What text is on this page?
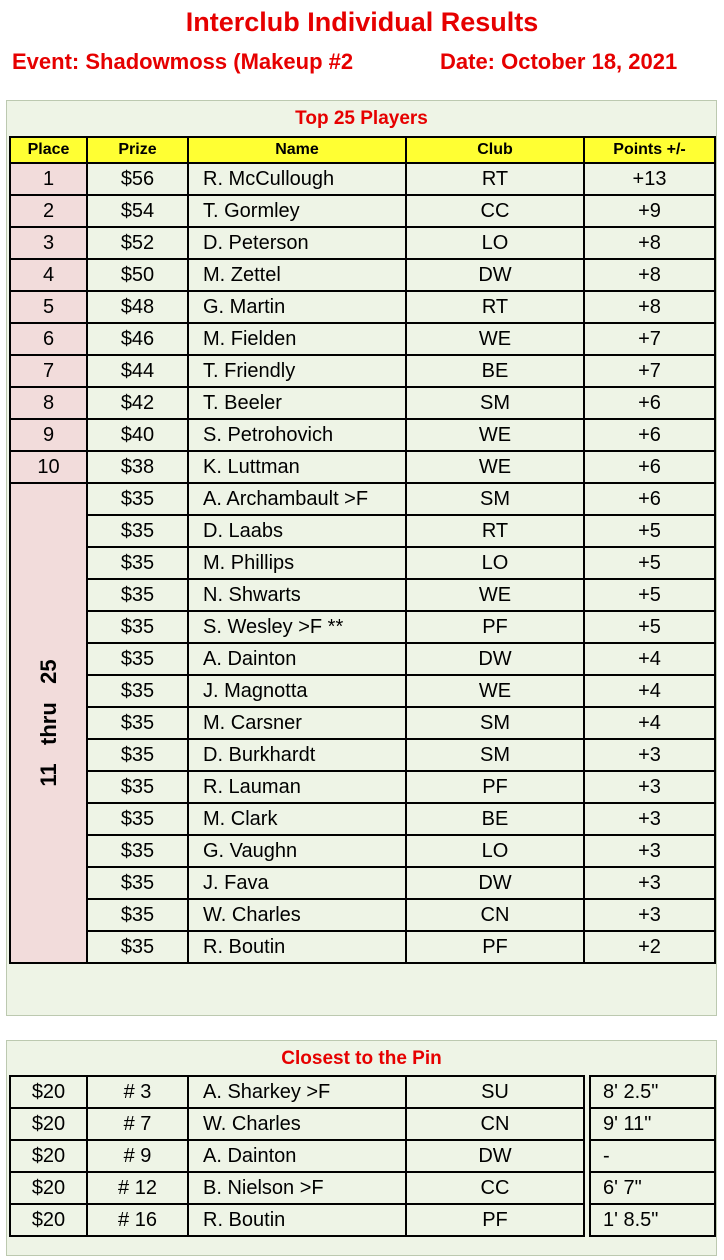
Interclub Individual Results
Event: Shadowmoss (Makeup #2	Date: October 18, 2021
Top 25 Players
Place	Prize	Name	Club	Points +/-
1	$56	R. McCullough	RT	+13
2	$54	T. Gormley	CC	+9
3	$52	D. Peterson	LO	+8
4	$50	M. Zettel	DW	+8
5	$48	G. Martin	RT	+8
6	$46	M. Fielden	WE	+7
7	$44	T. Friendly	BE	+7
8	$42	T. Beeler	SM	+6
9	$40	S. Petrohovich	WE	+6
10	$38	K. Luttman	WE	+6

11   thru   25	$35	A. Archambault >F	SM	+6
	$35	D. Laabs	RT	+5
	$35	M. Phillips	LO	+5
	$35	N. Shwarts	WE	+5
	$35	S. Wesley >F **	PF	+5
	$35	A. Dainton	DW	+4
	$35	J. Magnotta	WE	+4
	$35	M. Carsner	SM	+4
	$35	D. Burkhardt	SM	+3
	$35	R. Lauman	PF	+3
	$35	M. Clark	BE	+3
	$35	G. Vaughn	LO	+3
	$35	J. Fava	DW	+3
	$35	W. Charles	CN	+3
	$35	R. Boutin	PF	+2
Closest to the Pin
$20	# 3	A. Sharkey >F	SU		8' 2.5"
$20	# 7	W. Charles	CN		9' 11"
$20	# 9	A. Dainton	DW		-
$20	# 12	B. Nielson >F	CC		6' 7"
$20	# 16	R. Boutin	PF		1' 8.5"
